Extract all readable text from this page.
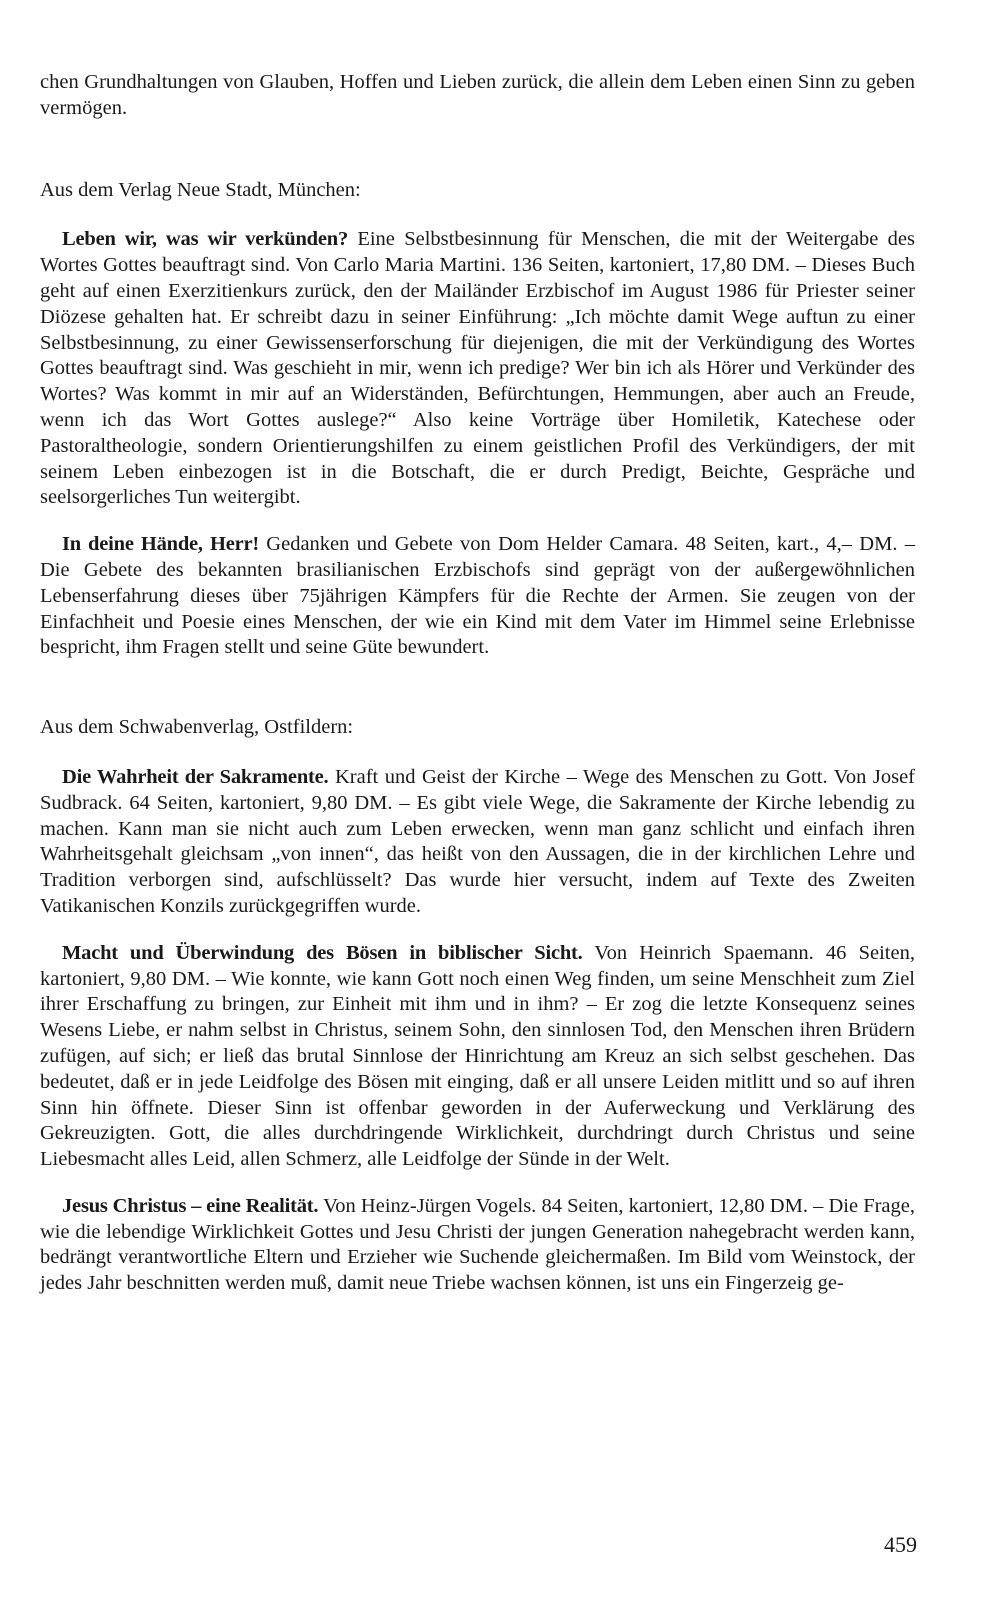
chen Grundhaltungen von Glauben, Hoffen und Lieben zurück, die allein dem Leben einen Sinn zu geben vermögen.

Aus dem Verlag Neue Stadt, München:

Leben wir, was wir verkünden? Eine Selbstbesinnung für Menschen, die mit der Weitergabe des Wortes Gottes beauftragt sind. Von Carlo Maria Martini. 136 Seiten, kartoniert, 17,80 DM. – Dieses Buch geht auf einen Exerzitienkurs zurück, den der Mailänder Erzbischof im August 1986 für Priester seiner Diözese gehalten hat. Er schreibt dazu in seiner Einführung: „Ich möchte damit Wege auftun zu einer Selbstbesinnung, zu einer Gewissenserforschung für diejenigen, die mit der Verkündigung des Wortes Gottes beauftragt sind. Was geschieht in mir, wenn ich predige? Wer bin ich als Hörer und Verkünder des Wortes? Was kommt in mir auf an Widerständen, Befürchtungen, Hemmungen, aber auch an Freude, wenn ich das Wort Gottes auslege?“ Also keine Vorträge über Homiletik, Katechese oder Pastoraltheologie, sondern Orientierungshilfen zu einem geistlichen Profil des Verkündigers, der mit seinem Leben einbezogen ist in die Botschaft, die er durch Predigt, Beichte, Gespräche und seelsorgerliches Tun weitergibt.

In deine Hände, Herr! Gedanken und Gebete von Dom Helder Camara. 48 Seiten, kart., 4,– DM. – Die Gebete des bekannten brasilianischen Erzbischofs sind geprägt von der außergewöhnlichen Lebenserfahrung dieses über 75jährigen Kämpfers für die Rechte der Armen. Sie zeugen von der Einfachheit und Poesie eines Menschen, der wie ein Kind mit dem Vater im Himmel seine Erlebnisse bespricht, ihm Fragen stellt und seine Güte bewundert.

Aus dem Schwabenverlag, Ostfildern:

Die Wahrheit der Sakramente. Kraft und Geist der Kirche – Wege des Menschen zu Gott. Von Josef Sudbrack. 64 Seiten, kartoniert, 9,80 DM. – Es gibt viele Wege, die Sakramente der Kirche lebendig zu machen. Kann man sie nicht auch zum Leben erwecken, wenn man ganz schlicht und einfach ihren Wahrheitsgehalt gleichsam „von innen“, das heißt von den Aussagen, die in der kirchlichen Lehre und Tradition verborgen sind, aufschlüsselt? Das wurde hier versucht, indem auf Texte des Zweiten Vatikanischen Konzils zurückgegriffen wurde.

Macht und Überwindung des Bösen in biblischer Sicht. Von Heinrich Spaemann. 46 Seiten, kartoniert, 9,80 DM. – Wie konnte, wie kann Gott noch einen Weg finden, um seine Menschheit zum Ziel ihrer Erschaffung zu bringen, zur Einheit mit ihm und in ihm? – Er zog die letzte Konsequenz seines Wesens Liebe, er nahm selbst in Christus, seinem Sohn, den sinnlosen Tod, den Menschen ihren Brüdern zufügen, auf sich; er ließ das brutal Sinnlose der Hinrichtung am Kreuz an sich selbst geschehen. Das bedeutet, daß er in jede Leidfolge des Bösen mit einging, daß er all unsere Leiden mitlitt und so auf ihren Sinn hin öffnete. Dieser Sinn ist offenbar geworden in der Auferweckung und Verklärung des Gekreuzigten. Gott, die alles durchdringende Wirklichkeit, durchdringt durch Christus und seine Liebesmacht alles Leid, allen Schmerz, alle Leidfolge der Sünde in der Welt.

Jesus Christus – eine Realität. Von Heinz-Jürgen Vogels. 84 Seiten, kartoniert, 12,80 DM. – Die Frage, wie die lebendige Wirklichkeit Gottes und Jesu Christi der jungen Generation nahegebracht werden kann, bedrängt verantwortliche Eltern und Erzieher wie Suchende gleichermaßen. Im Bild vom Weinstock, der jedes Jahr beschnitten werden muß, damit neue Triebe wachsen können, ist uns ein Fingerzeig ge-

459
